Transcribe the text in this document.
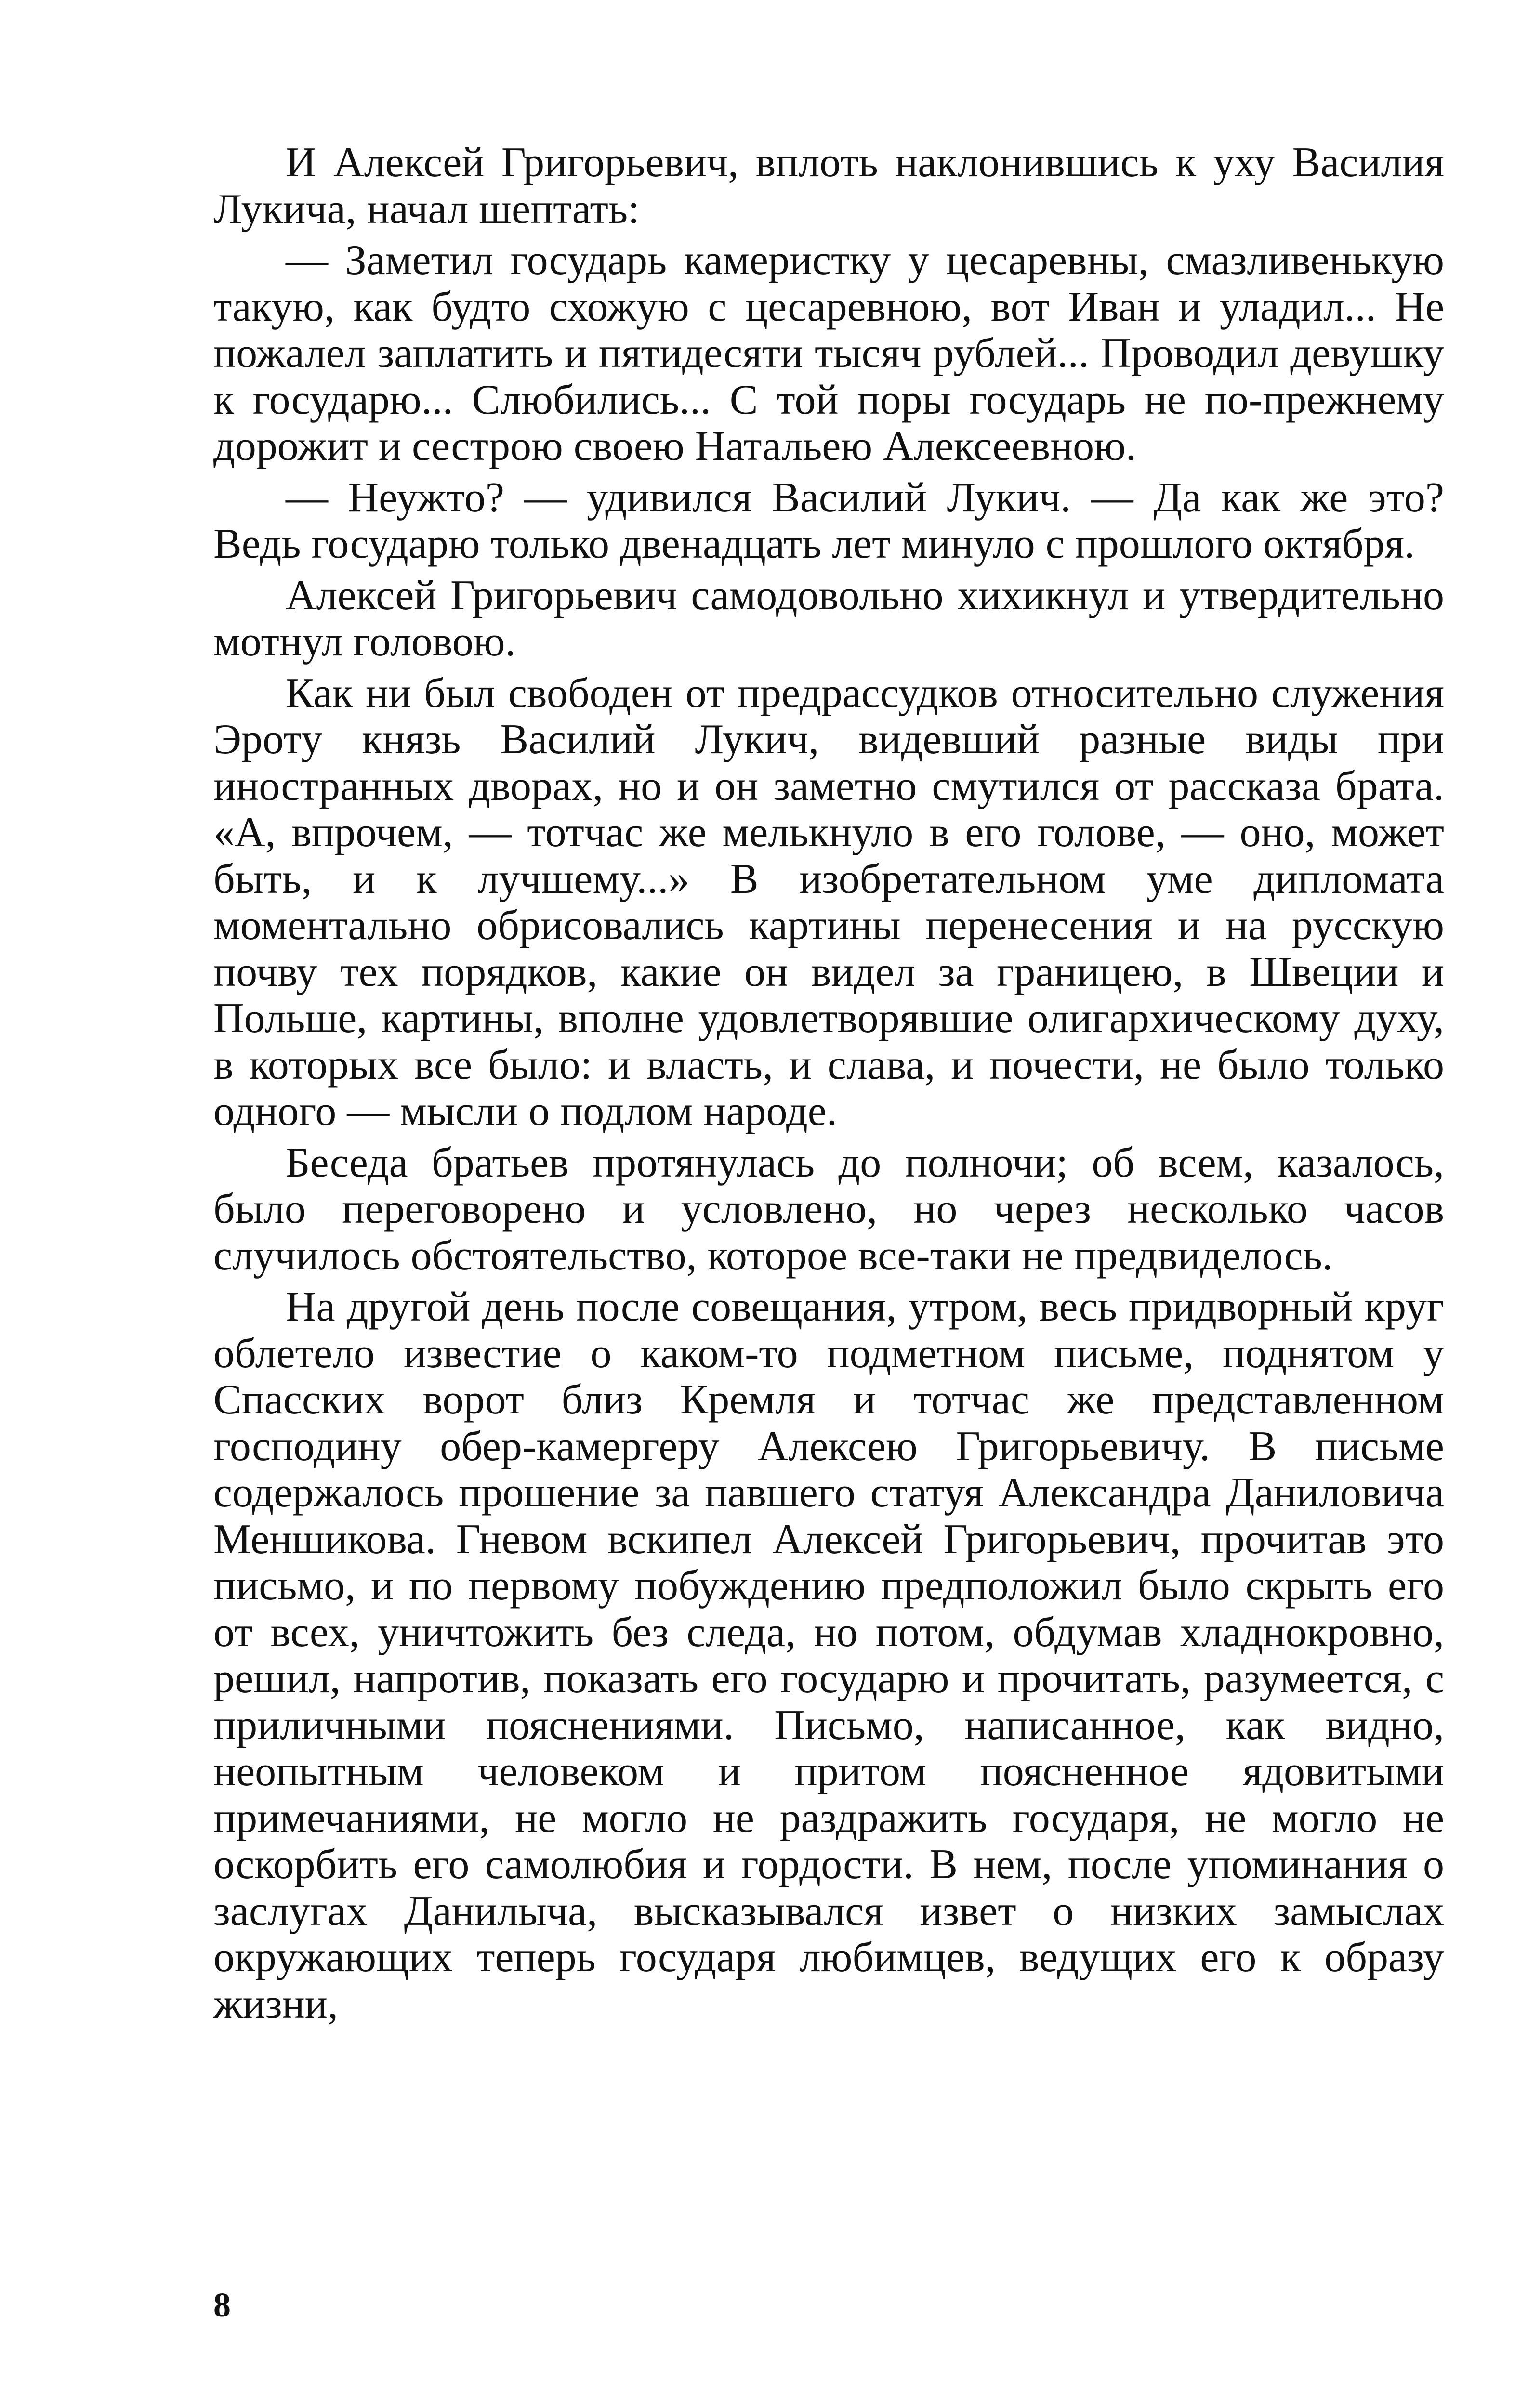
И Алексей Григорьевич, вплоть наклонившись к уху Василия Лукича, начал шептать:

— Заметил государь камеристку у цесаревны, смазливенькую такую, как будто схожую с цесаревною, вот Иван и уладил... Не пожалел заплатить и пятидесяти тысяч рублей... Проводил девушку к государю... Слюбились... С той поры государь не по-прежнему дорожит и сестрою своею Натальею Алексеевною.

— Неужто? — удивился Василий Лукич. — Да как же это? Ведь государю только двенадцать лет минуло с прошлого октября.

Алексей Григорьевич самодовольно хихикнул и утвердительно мотнул головою.

Как ни был свободен от предрассудков относительно служения Эроту князь Василий Лукич, видевший разные виды при иностранных дворах, но и он заметно смутился от рассказа брата. «А, впрочем, — тотчас же мелькнуло в его голове, — оно, может быть, и к лучшему...» В изобретательном уме дипломата моментально обрисовались картины перенесения и на русскую почву тех порядков, какие он видел за границею, в Швеции и Польше, картины, вполне удовлетворявшие олигархическому духу, в которых все было: и власть, и слава, и почести, не было только одного — мысли о подлом народе.

Беседа братьев протянулась до полночи; об всем, казалось, было переговорено и условлено, но через несколько часов случилось обстоятельство, которое все-таки не предвиделось.

На другой день после совещания, утром, весь придворный круг облетело известие о каком-то подметном письме, поднятом у Спасских ворот близ Кремля и тотчас же представленном господину обер-камергеру Алексею Григорьевичу. В письме содержалось прошение за павшего статуя Александра Даниловича Меншикова. Гневом вскипел Алексей Григорьевич, прочитав это письмо, и по первому побуждению предположил было скрыть его от всех, уничтожить без следа, но потом, обдумав хладнокровно, решил, напротив, показать его государю и прочитать, разумеется, с приличными пояснениями. Письмо, написанное, как видно, неопытным человеком и притом поясненное ядовитыми примечаниями, не могло не раздражить государя, не могло не оскорбить его самолюбия и гордости. В нем, после упоминания о заслугах Данилыча, высказывался извет о низких замыслах окружающих теперь государя любимцев, ведущих его к образу жизни,

8
